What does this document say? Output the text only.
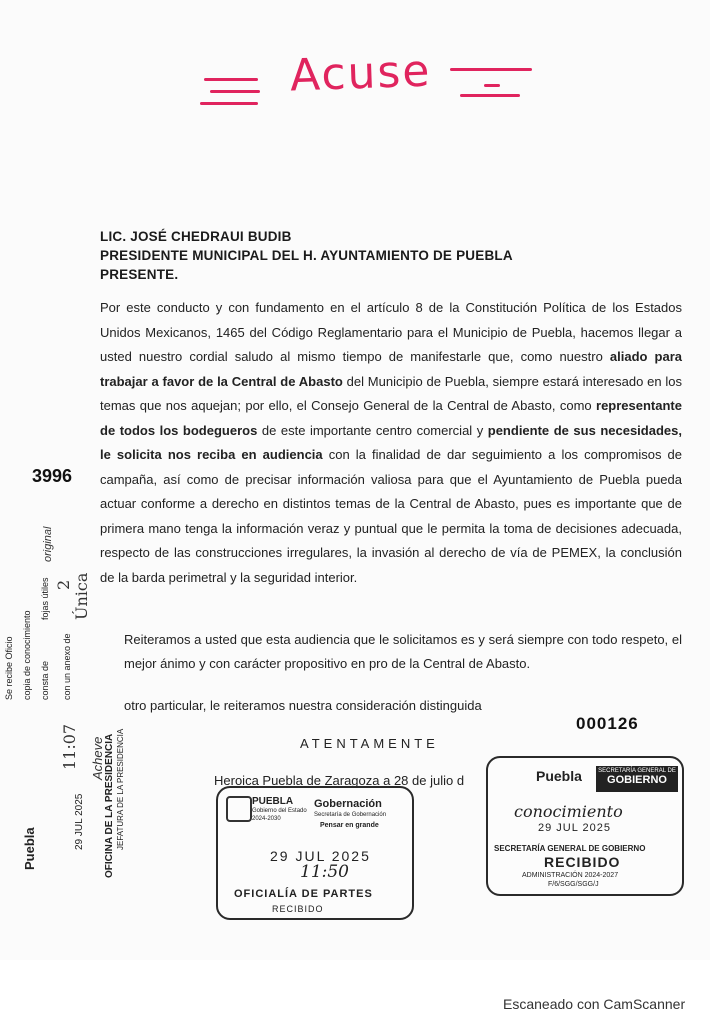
Acuse
LIC. JOSÉ CHEDRAUI BUDIB
PRESIDENTE MUNICIPAL DEL H. AYUNTAMIENTO DE PUEBLA
PRESENTE.
Por este conducto y con fundamento en el artículo 8 de la Constitución Política de los Estados Unidos Mexicanos, 1465 del Código Reglamentario para el Municipio de Puebla, hacemos llegar a usted nuestro cordial saludo al mismo tiempo de manifestarle que, como nuestro aliado para trabajar a favor de la Central de Abasto del Municipio de Puebla, siempre estará interesado en los temas que nos aquejan; por ello, el Consejo General de la Central de Abasto, como representante de todos los bodegueros de este importante centro comercial y pendiente de sus necesidades, le solicita nos reciba en audiencia con la finalidad de dar seguimiento a los compromisos de campaña, así como de precisar información valiosa para que el Ayuntamiento de Puebla pueda actuar conforme a derecho en distintos temas de la Central de Abasto, pues es importante que de primera mano tenga la información veraz y puntual que le permita la toma de decisiones adecuada, respecto de las construcciones irregulares, la invasión al derecho de vía de PEMEX, la conclusión de la barda perimetral y la seguridad interior.
Reiteramos a usted que esta audiencia que le solicitamos es y será siempre con todo respeto, el mejor ánimo y con carácter propositivo en pro de la Central de Abasto.
otro particular, le reiteramos nuestra consideración distinguida
ATENTAMENTE
Heroica Puebla de Zaragoza a 28 de julio d
000126
3996
Se recibe Oficio copia de conocimiento consta de
fojas útiles
con un anexo de
original
2 Única
Puebla	29 JUL 2025
11:07 Acheve OFICINA DE LA PRESIDENCIA JEFATURA DE LA PRESIDENCIA	PUEBLA
Gobierno del Estado
2024-2030
Gobernación
Secretaría de Gobernación
Pensar en grande
29 JUL 2025
11:50
OFICIALÍA DE PARTES
RECIBIDO
Puebla	SECRETARÍA GENERAL DE
GOBIERNO
conocimiento
29 JUL 2025
SECRETARÍA GENERAL DE GOBIERNO
RECIBIDO
ADMINISTRACIÓN 2024-2027
F/6/SGG/SGG/J
Escaneado con CamScanner
